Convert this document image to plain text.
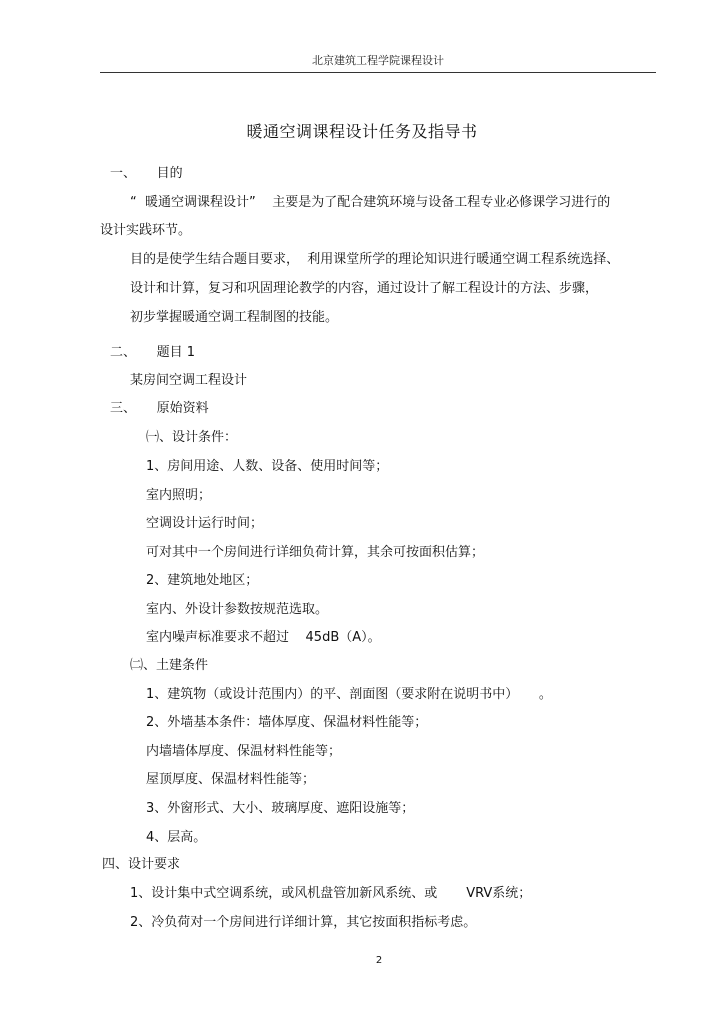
北京建筑工程学院课程设计
暖通空调课程设计任务及指导书
一、     目的
“  暖通空调课程设计”    主要是为了配合建筑环境与设备工程专业必修课学习进行的
设计实践环节。
目的是使学生结合题目要求，  利用课堂所学的理论知识进行暖通空调工程系统选择、
设计和计算，复习和巩固理论教学的内容，通过设计了解工程设计的方法、步骤，
初步掌握暖通空调工程制图的技能。
二、     题目 1
某房间空调工程设计
三、     原始资料
㈠、设计条件：
1、房间用途、人数、设备、使用时间等；
室内照明；
空调设计运行时间；
可对其中一个房间进行详细负荷计算，其余可按面积估算；
2、建筑地处地区；
室内、外设计参数按规范选取。
室内噪声标准要求不超过    45dB（A）。
㈡、土建条件
1、建筑物（或设计范围内）的平、剖面图（要求附在说明书中）     。
2、外墙基本条件：墙体厚度、保温材料性能等；
内墙墙体厚度、保温材料性能等；
屋顶厚度、保温材料性能等；
3、外窗形式、大小、玻璃厚度、遮阳设施等；
4、层高。
四、设计要求
1、设计集中式空调系统，或风机盘管加新风系统、或       VRV系统；
2、冷负荷对一个房间进行详细计算，其它按面积指标考虑。
2
